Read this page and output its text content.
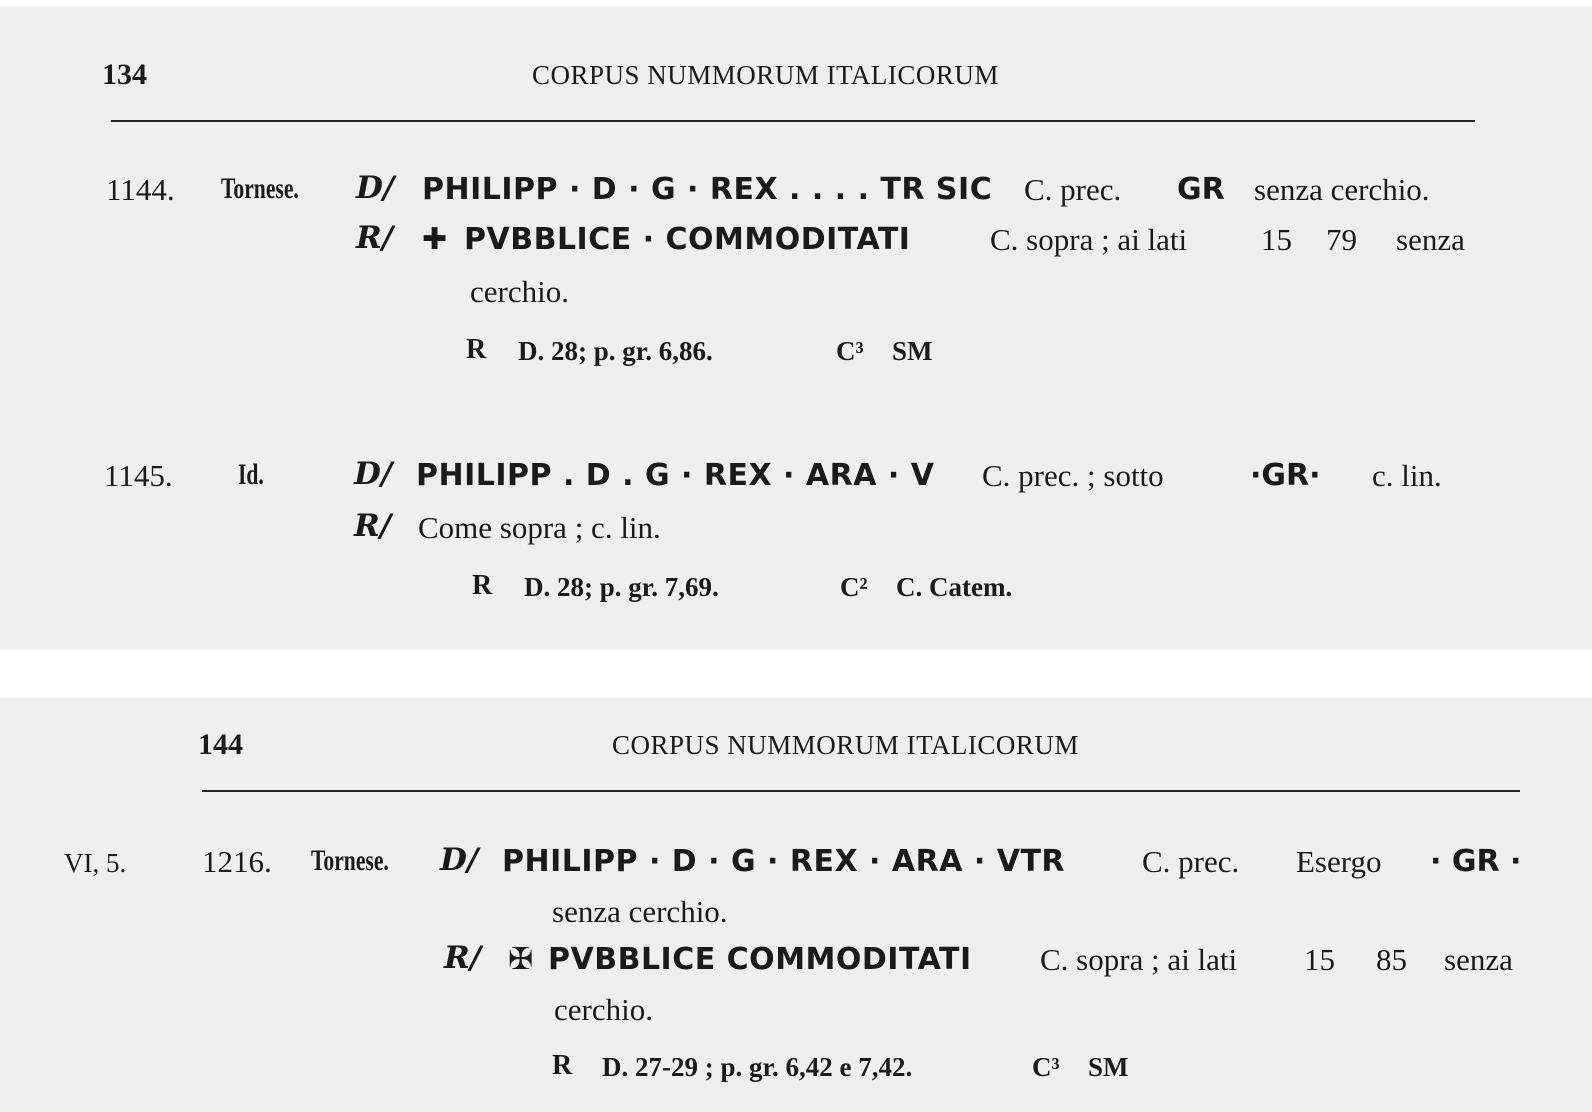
134	CORPUS NUMMORUM ITALICORUM
1144. Tornese. D/ PHILIPP · D · G · REX . . . . TR SIC C. prec. GR senza cerchio.
R/ ✚ PVBBLICE · COMMODITATI	C. sopra ; ai lati 15 79 senza
cerchio.
R D. 28; p. gr. 6,86.	C³ SM
1145. Id.	D/ PHILIPP . D . G · REX · ARA · V C. prec. ; sotto	·GR· c. lin.
R/ Come sopra ; c. lin.
R D. 28; p. gr. 7,69.	C² C. Catem.
144	CORPUS NUMMORUM ITALICORUM
VI, 5. 1216. Tornese. D/ PHILIPP · D · G · REX · ARA · VTR C. prec. Esergo · GR ·
senza cerchio.
R/ ✠ PVBBLICE COMMODITATI C. sopra ; ai lati 15 85 senza
cerchio.
R D. 27-29 ; p. gr. 6,42 e 7,42.	C³ SM
